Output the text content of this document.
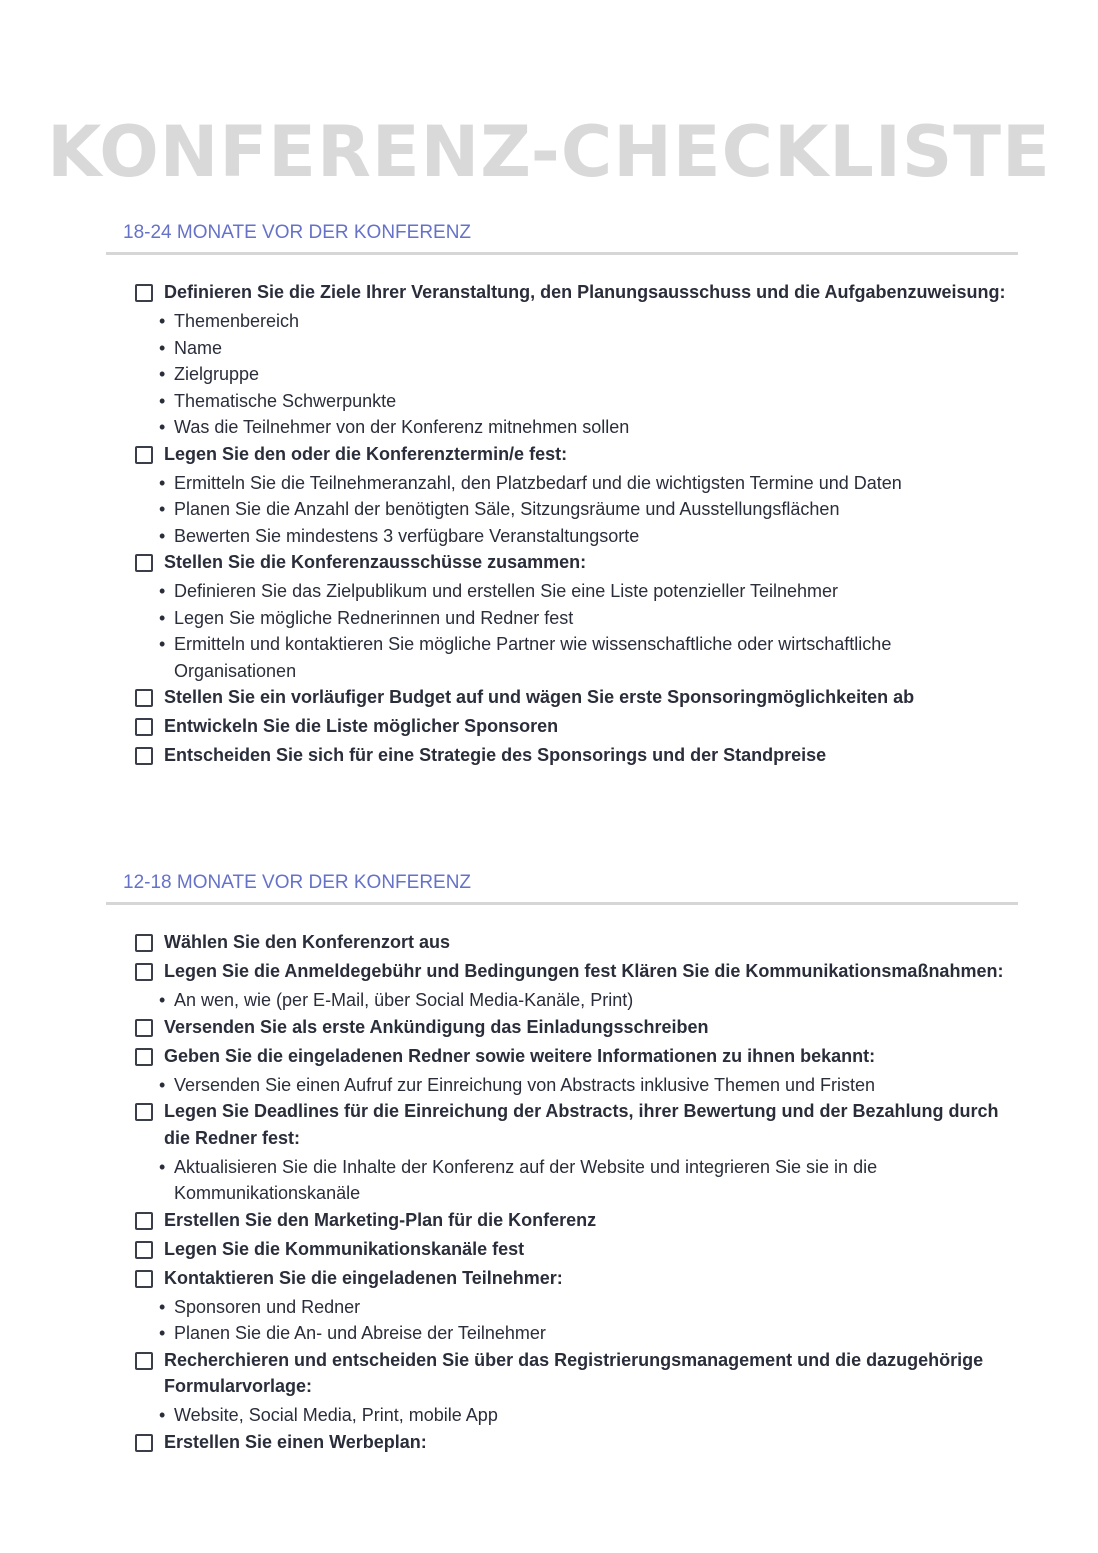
KONFERENZ-CHECKLISTE
18-24 MONATE VOR DER KONFERENZ
Definieren Sie die Ziele Ihrer Veranstaltung, den Planungsausschuss und die Aufgabenzuweisung:
• Themenbereich
• Name
• Zielgruppe
• Thematische Schwerpunkte
• Was die Teilnehmer von der Konferenz mitnehmen sollen
Legen Sie den oder die Konferenztermin/e fest:
• Ermitteln Sie die Teilnehmeranzahl, den Platzbedarf und die wichtigsten Termine und Daten
• Planen Sie die Anzahl der benötigten Säle, Sitzungsräume und Ausstellungsflächen
• Bewerten Sie mindestens 3 verfügbare Veranstaltungsorte
Stellen Sie die Konferenzausschüsse zusammen:
• Definieren Sie das Zielpublikum und erstellen Sie eine Liste potenzieller Teilnehmer
• Legen Sie mögliche Rednerinnen und Redner fest
• Ermitteln und kontaktieren Sie mögliche Partner wie wissenschaftliche oder wirtschaftliche Organisationen
Stellen Sie ein vorläufiger Budget auf und wägen Sie erste Sponsoringmöglichkeiten ab
Entwickeln Sie die Liste möglicher Sponsoren
Entscheiden Sie sich für eine Strategie des Sponsorings und der Standpreise
12-18 MONATE VOR DER KONFERENZ
Wählen Sie den Konferenzort aus
Legen Sie die Anmeldegebühr und Bedingungen fest Klären Sie die Kommunikationsmaßnahmen:
• An wen, wie (per E-Mail, über Social Media-Kanäle, Print)
Versenden Sie als erste Ankündigung das Einladungsschreiben
Geben Sie die eingeladenen Redner sowie weitere Informationen zu ihnen bekannt:
• Versenden Sie einen Aufruf zur Einreichung von Abstracts inklusive Themen und Fristen
Legen Sie Deadlines für die Einreichung der Abstracts, ihrer Bewertung und der Bezahlung durch die Redner fest:
• Aktualisieren Sie die Inhalte der Konferenz auf der Website und integrieren Sie sie in die Kommunikationskanäle
Erstellen Sie den Marketing-Plan für die Konferenz
Legen Sie die Kommunikationskanäle fest
Kontaktieren Sie die eingeladenen Teilnehmer:
• Sponsoren und Redner
• Planen Sie die An- und Abreise der Teilnehmer
Recherchieren und entscheiden Sie über das Registrierungsmanagement und die dazugehörige Formularvorlage:
• Website, Social Media, Print, mobile App
Erstellen Sie einen Werbeplan:
